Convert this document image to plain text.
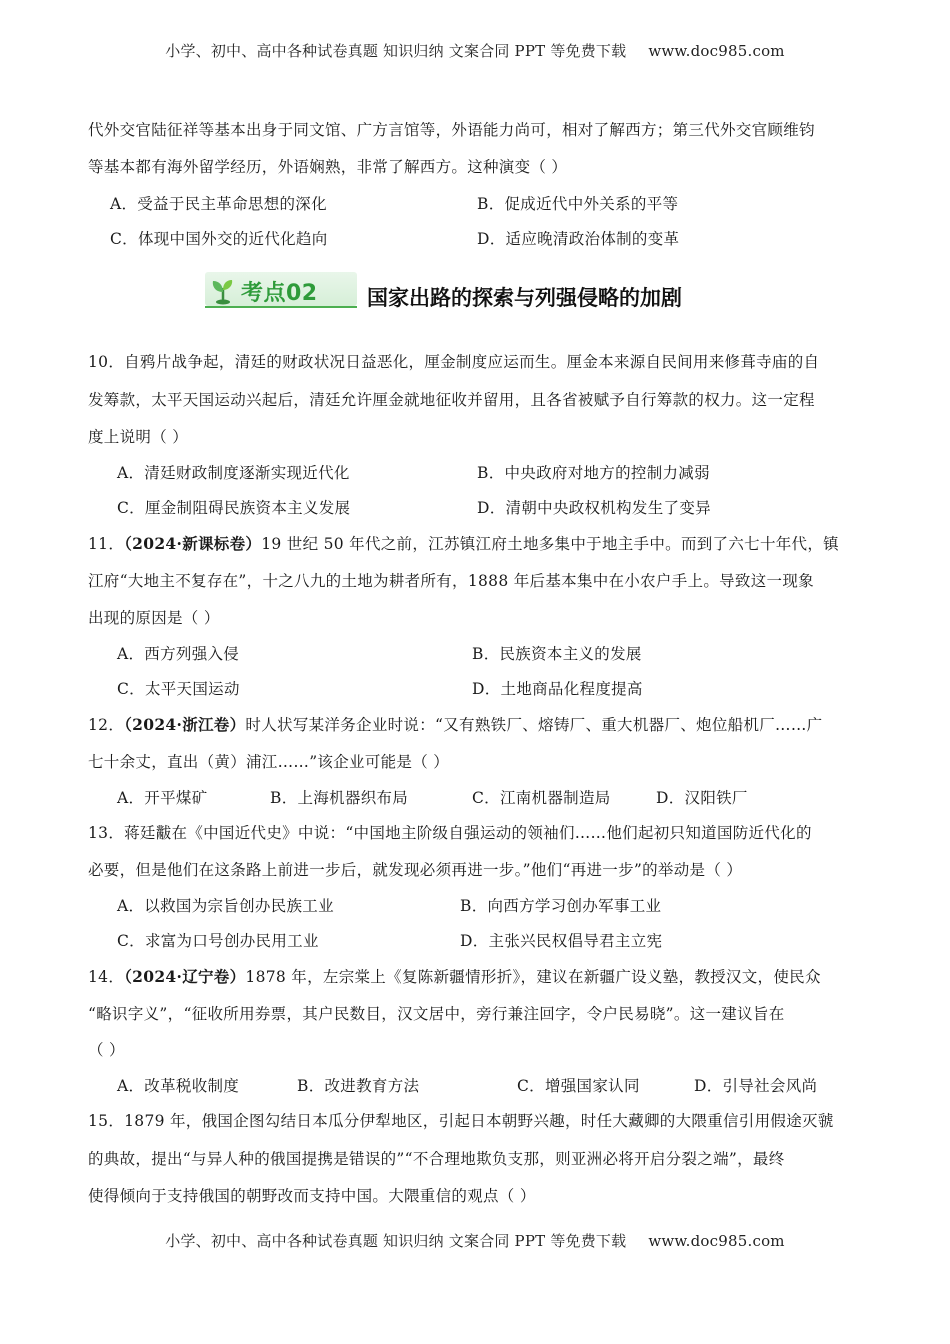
小学、初中、高中各种试卷真题 知识归纳 文案合同 PPT 等免费下载 www.doc985.com
代外交官陆征祥等基本出身于同文馆、广方言馆等，外语能力尚可，相对了解西方；第三代外交官顾维钧
等基本都有海外留学经历，外语娴熟，非常了解西方。这种演变（ ）
A．受益于民主革命思想的深化	B．促成近代中外关系的平等
C．体现中国外交的近代化趋向	D．适应晚清政治体制的变革
考点02 国家出路的探索与列强侵略的加剧
10．自鸦片战争起，清廷的财政状况日益恶化，厘金制度应运而生。厘金本来源自民间用来修葺寺庙的自
发筹款，太平天国运动兴起后，清廷允许厘金就地征收并留用，且各省被赋予自行筹款的权力。这一定程
度上说明（ ）
A．清廷财政制度逐渐实现近代化	B．中央政府对地方的控制力减弱
C．厘金制阻碍民族资本主义发展	D．清朝中央政权机构发生了变异
11．（2024·新课标卷）19 世纪 50 年代之前，江苏镇江府土地多集中于地主手中。而到了六七十年代，镇
江府“大地主不复存在”，十之八九的土地为耕者所有，1888 年后基本集中在小农户手上。导致这一现象
出现的原因是（ ）
A．西方列强入侵	B．民族资本主义的发展
C．太平天国运动	D．土地商品化程度提高
12．（2024·浙江卷）时人状写某洋务企业时说：“又有熟铁厂、熔铸厂、重大机器厂、炮位船机厂……广
七十余丈，直出（黄）浦江……”该企业可能是（ ）
A．开平煤矿	B．上海机器织布局	C．江南机器制造局	D．汉阳铁厂
13．蒋廷黻在《中国近代史》中说：“中国地主阶级自强运动的领袖们……他们起初只知道国防近代化的
必要，但是他们在这条路上前进一步后，就发现必须再进一步。”他们“再进一步”的举动是（ ）
A．以救国为宗旨创办民族工业	B．向西方学习创办军事工业
C．求富为口号创办民用工业	D．主张兴民权倡导君主立宪
14．（2024·辽宁卷）1878 年，左宗棠上《复陈新疆情形折》，建议在新疆广设义塾，教授汉文，使民众
“略识字义”，“征收所用券票，其户民数目，汉文居中，旁行兼注回字，令户民易晓”。这一建议旨在
（ ）
A．改革税收制度	B．改进教育方法	C．增强国家认同	D．引导社会风尚
15．1879 年，俄国企图勾结日本瓜分伊犁地区，引起日本朝野兴趣，时任大藏卿的大隈重信引用假途灭虢
的典故，提出“与异人种的俄国提携是错误的”“不合理地欺负支那，则亚洲必将开启分裂之端”，最终
使得倾向于支持俄国的朝野改而支持中国。大隈重信的观点（ ）
小学、初中、高中各种试卷真题 知识归纳 文案合同 PPT 等免费下载 www.doc985.com
